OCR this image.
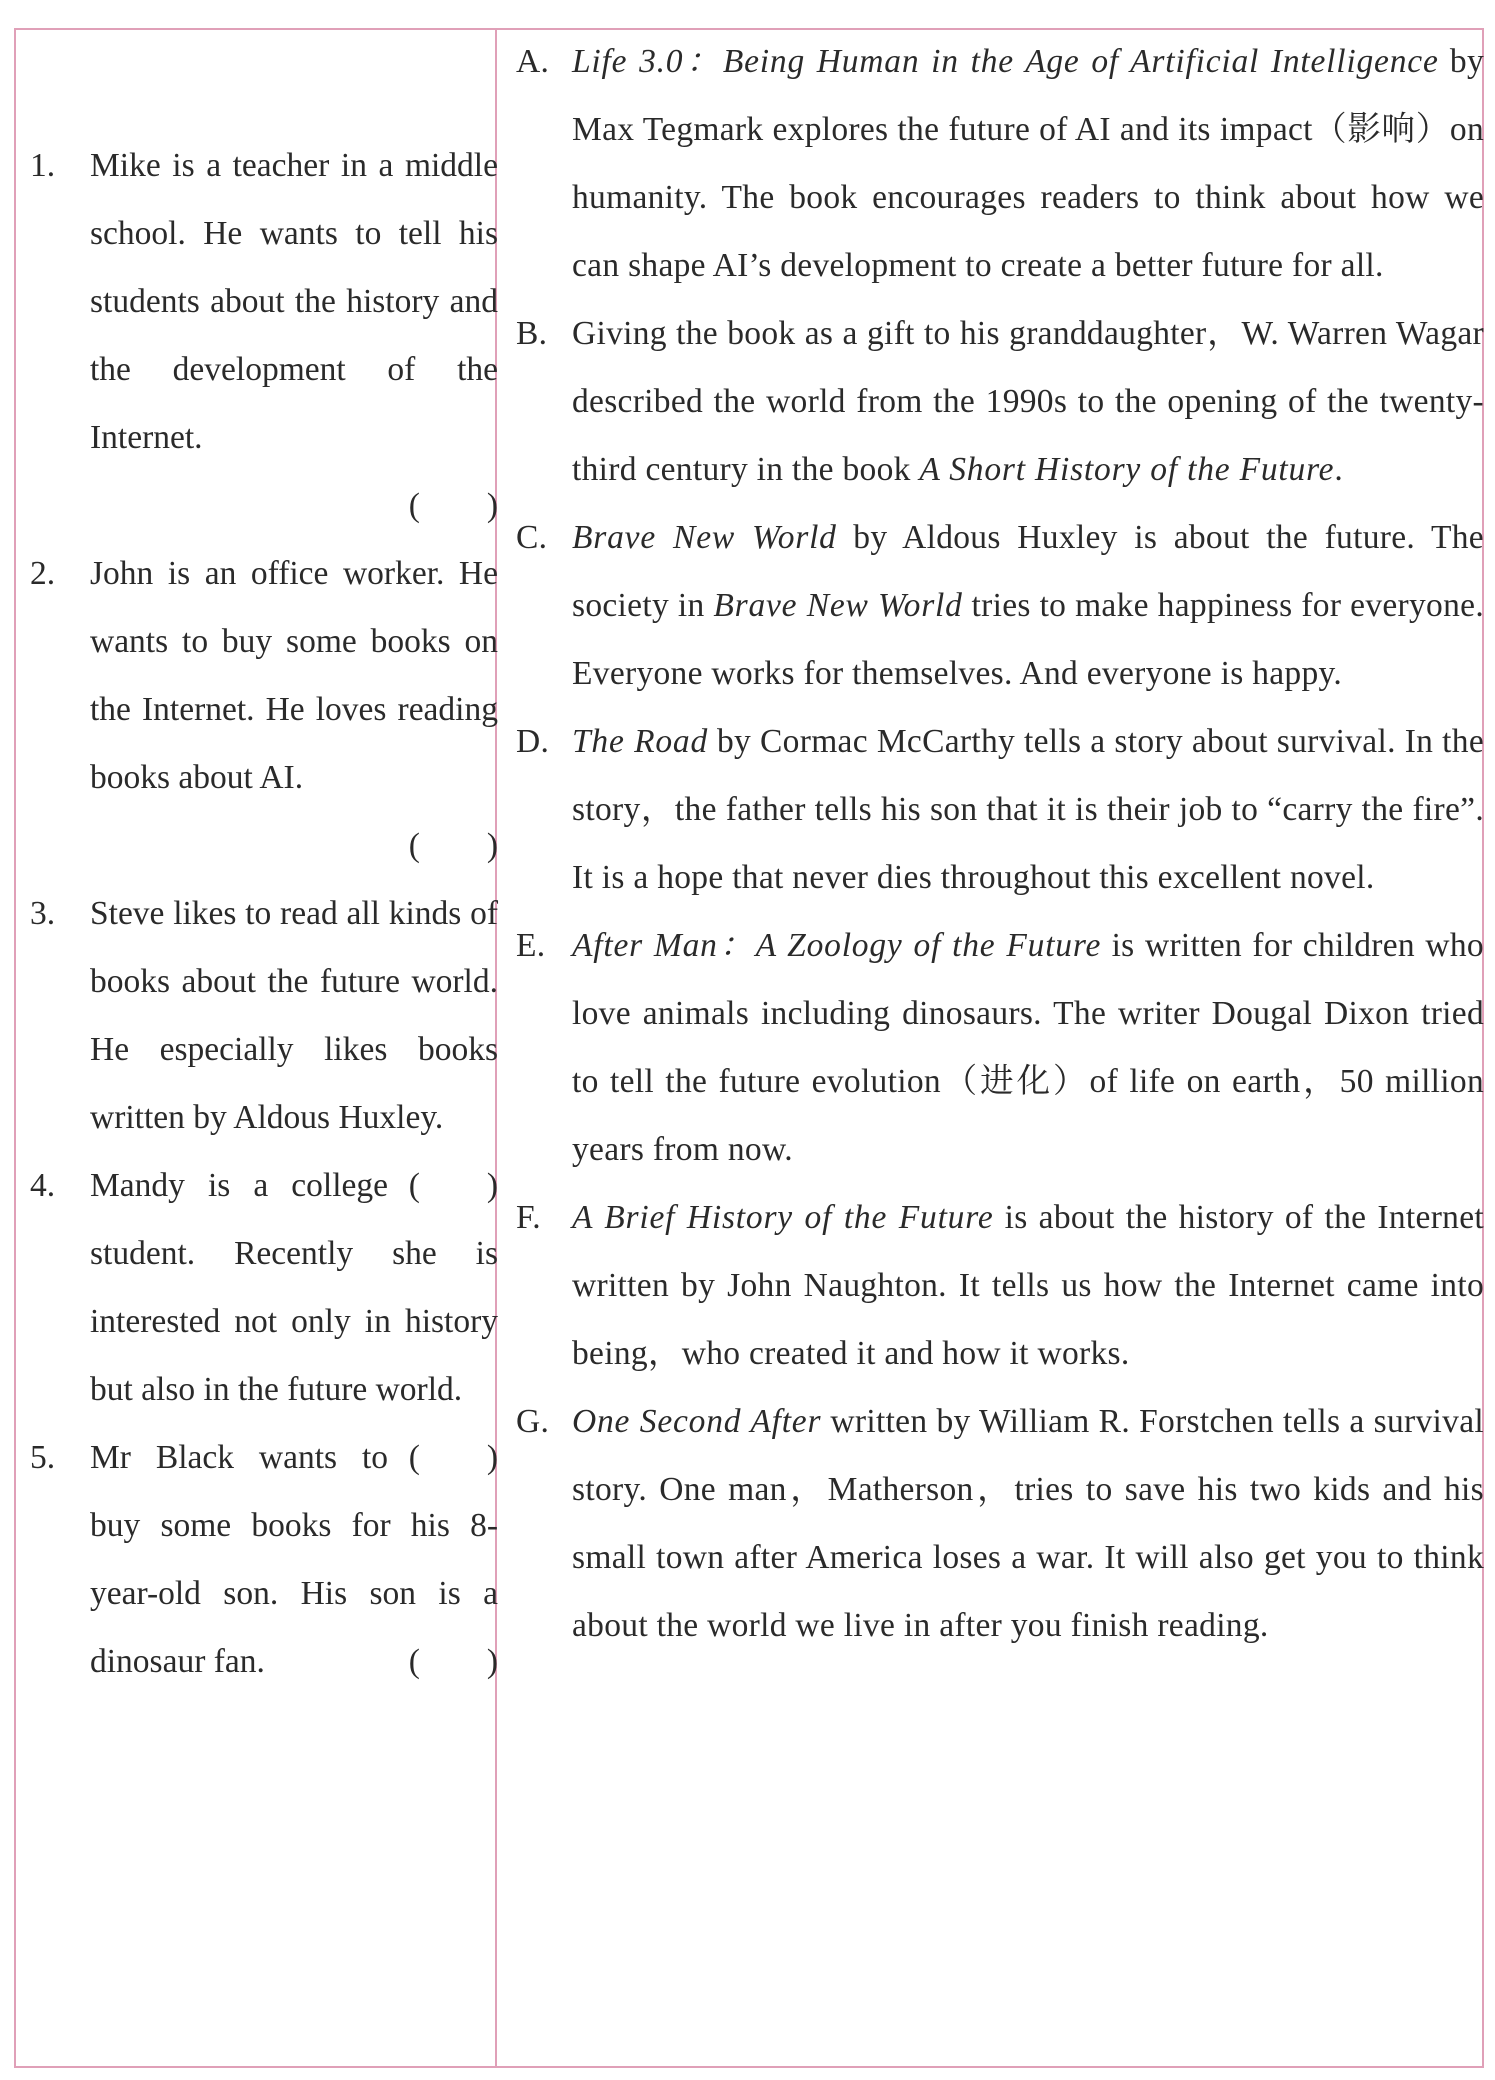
1.	Mike is a teacher in a middle school. He wants to tell his students about the history and the development of the Internet.
(　　)
2.	John is an office worker. He wants to buy some books on the Internet. He loves reading books about AI.
(　　)
3.	Steve likes to read all kinds of books about the future world. He especially likes books written by Aldous Huxley.
(　　)
4.	Mandy is a college student. Recently she is interested not only in history but also in the future world.
(　　)
5.	Mr Black wants to buy some books for his 8-year-old son. His son is a dinosaur fan.	(　　)
A. Life 3.0：Being Human in the Age of Artificial Intelligence by Max Tegmark explores the future of AI and its impact（影响）on humanity. The book encourages readers to think about how we can shape AI’s development to create a better future for all.
B. Giving the book as a gift to his granddaughter，W. Warren Wagar described the world from the 1990s to the opening of the twenty-third century in the book A Short History of the Future.
C. Brave New World by Aldous Huxley is about the future. The society in Brave New World tries to make happiness for everyone. Everyone works for themselves. And everyone is happy.
D. The Road by Cormac McCarthy tells a story about survival. In the story，the father tells his son that it is their job to “carry the fire”. It is a hope that never dies throughout this excellent novel.
E. After Man：A Zoology of the Future is written for children who love animals including dinosaurs. The writer Dougal Dixon tried to tell the future evolution（进化）of life on earth，50 million years from now.
F. A Brief History of the Future is about the history of the Internet written by John Naughton. It tells us how the Internet came into being，who created it and how it works.
G. One Second After written by William R. Forstchen tells a survival story. One man，Matherson，tries to save his two kids and his small town after America loses a war. It will also get you to think about the world we live in after you finish reading.
